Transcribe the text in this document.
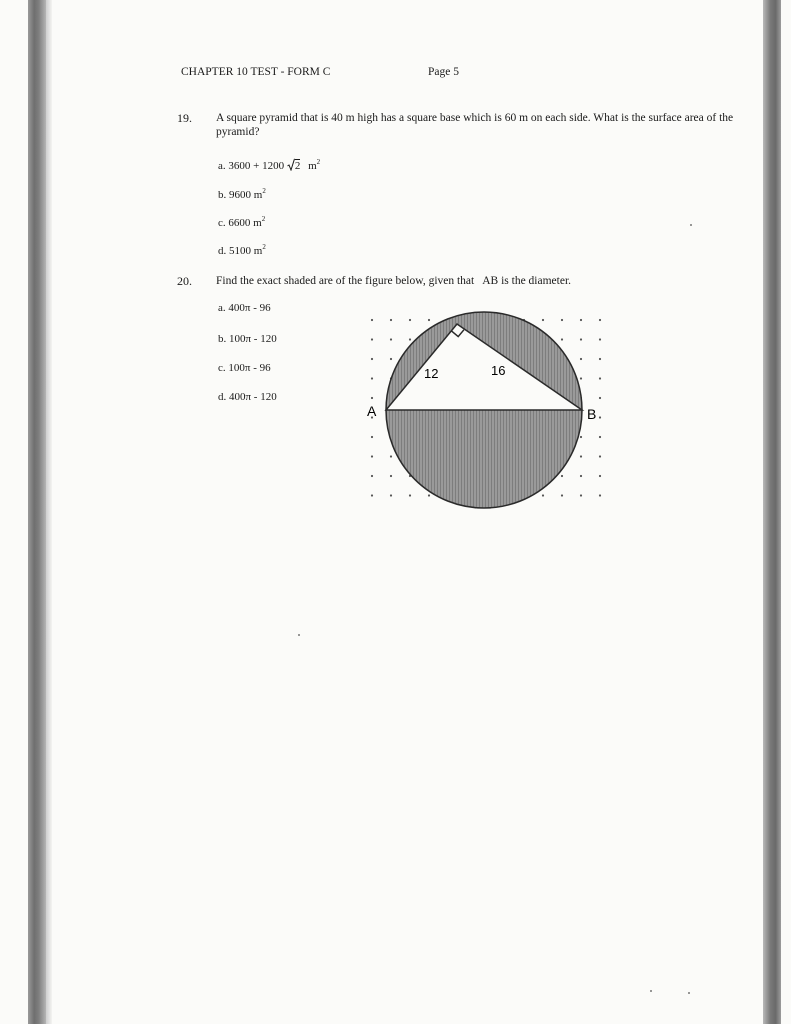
CHAPTER 10 TEST - FORM C	Page 5
19. A square pyramid that is 40 m high has a square base which is 60 m on each side. What is the surface area of the pyramid?
a. 3600 + 1200 2 $m^2$
b. 9600 $m^2$
c. 6600 $m^2$
d. 5100 $m^2$
20. Find the exact shaded are of the figure below, given that   AB is the diameter.
a. 400π - 96
b. 100π - 120
c. 100π - 96
d. 400π - 120
12	16
A	B
